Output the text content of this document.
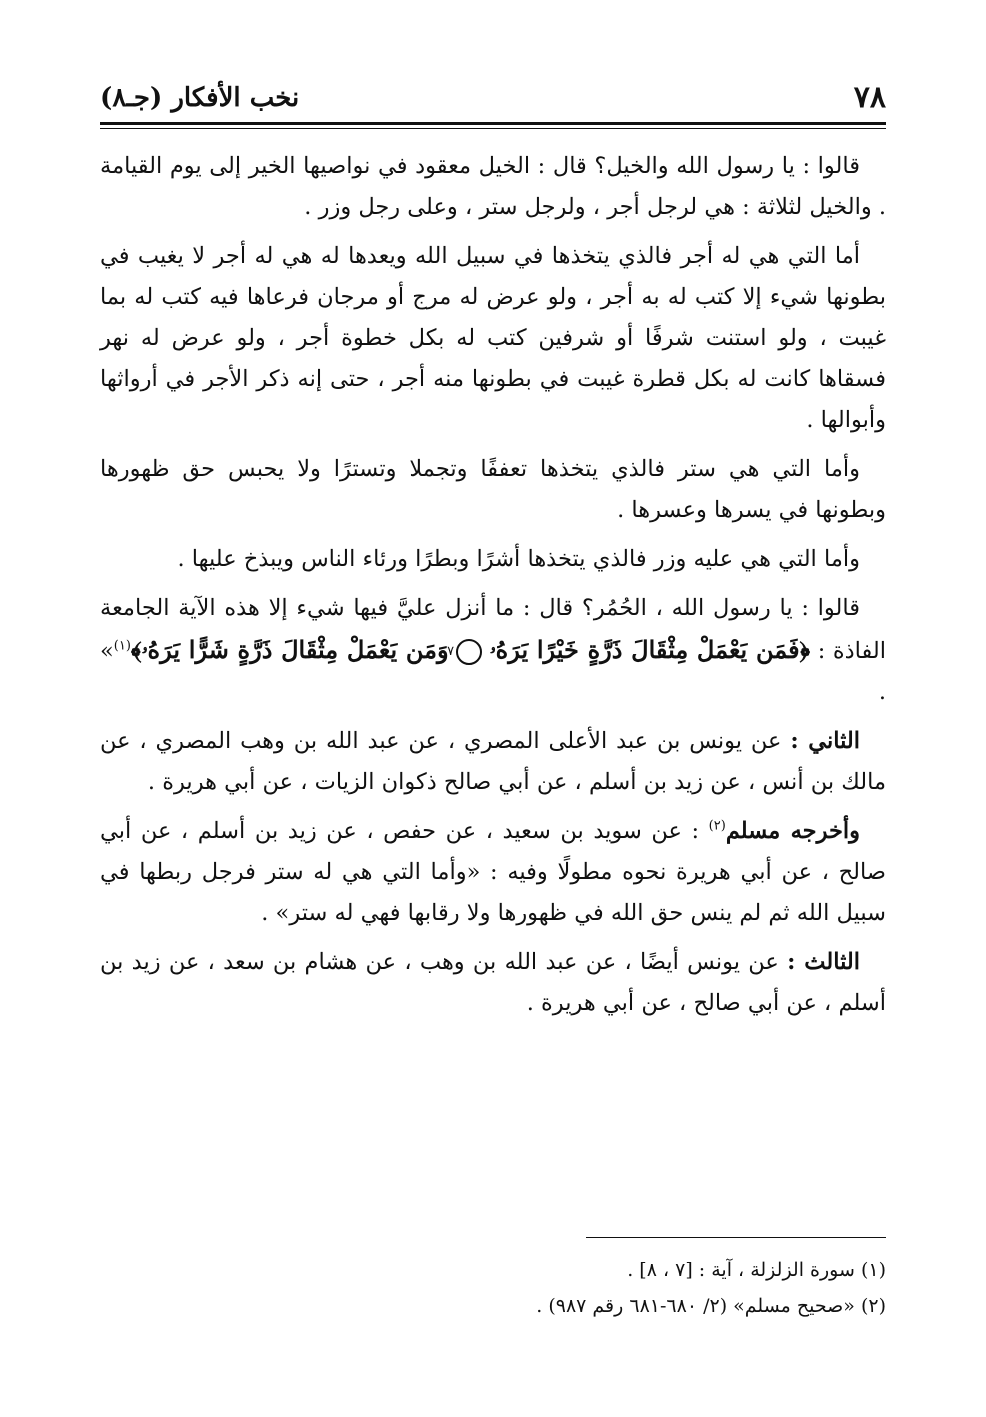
٧٨
نخب الأفكار (جـ٨)

قالوا : يا رسول الله والخيل؟ قال : الخيل معقود في نواصيها الخير إلى يوم القيامة . والخيل لثلاثة : هي لرجل أجر ، ولرجل ستر ، وعلى رجل وزر .

أما التي هي له أجر فالذي يتخذها في سبيل الله ويعدها له هي له أجر لا يغيب في بطونها شيء إلا كتب له به أجر ، ولو عرض له مرج أو مرجان فرعاها فيه كتب له بما غيبت ، ولو استنت شرفًا أو شرفين كتب له بكل خطوة أجر ، ولو عرض له نهر فسقاها كانت له بكل قطرة غيبت في بطونها منه أجر ، حتى إنه ذكر الأجر في أرواثها وأبوالها .

وأما التي هي ستر فالذي يتخذها تعففًا وتجملا وتسترًا ولا يحبس حق ظهورها وبطونها في يسرها وعسرها .

وأما التي هي عليه وزر فالذي يتخذها أشرًا وبطرًا ورئاء الناس ويبذخ عليها .

قالوا : يا رسول الله ، الحُمُر؟ قال : ما أنزل عليَّ فيها شيء إلا هذه الآية الجامعة الفاذة : ﴿فَمَن يَعْمَلْ مِثْقَالَ ذَرَّةٍ خَيْرًا يَرَهُۥ ٧ وَمَن يَعْمَلْ مِثْقَالَ ذَرَّةٍ شَرًّا يَرَهُۥ﴾$^{(١)}$» .

الثاني : عن يونس بن عبد الأعلى المصري ، عن عبد الله بن وهب المصري ، عن مالك بن أنس ، عن زيد بن أسلم ، عن أبي صالح ذكوان الزيات ، عن أبي هريرة .

وأخرجه مسلم$^{(٢)}$ : عن سويد بن سعيد ، عن حفص ، عن زيد بن أسلم ، عن أبي صالح ، عن أبي هريرة نحوه مطولًا وفيه : «وأما التي هي له ستر فرجل ربطها في سبيل الله ثم لم ينس حق الله في ظهورها ولا رقابها فهي له ستر» .

الثالث : عن يونس أيضًا ، عن عبد الله بن وهب ، عن هشام بن سعد ، عن زيد بن أسلم ، عن أبي صالح ، عن أبي هريرة .

(١) سورة الزلزلة ، آية : [٧ ، ٨] .

(٢) «صحيح مسلم» (٢/ ٦٨٠-٦٨١ رقم ٩٨٧) .
